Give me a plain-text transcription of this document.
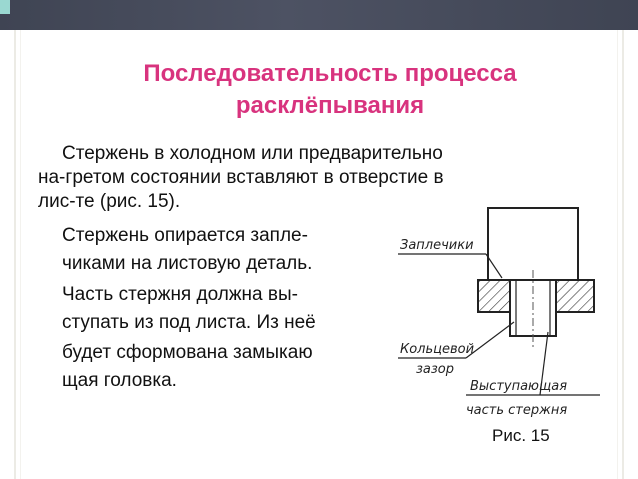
Последовательность процесса
расклёпывания
Стержень в холодном или предварительно
на-гретом состоянии вставляют в отверстие в
лис-те (рис. 15).
Стержень опирается запле-
чиками на листовую деталь.
Часть стержня должна вы-
ступать из под листа. Из неё
будет сформована замыкаю
щая головка.
Заплечики
Кольцевой
зазор
Выступающая
часть стержня
Рис. 15
